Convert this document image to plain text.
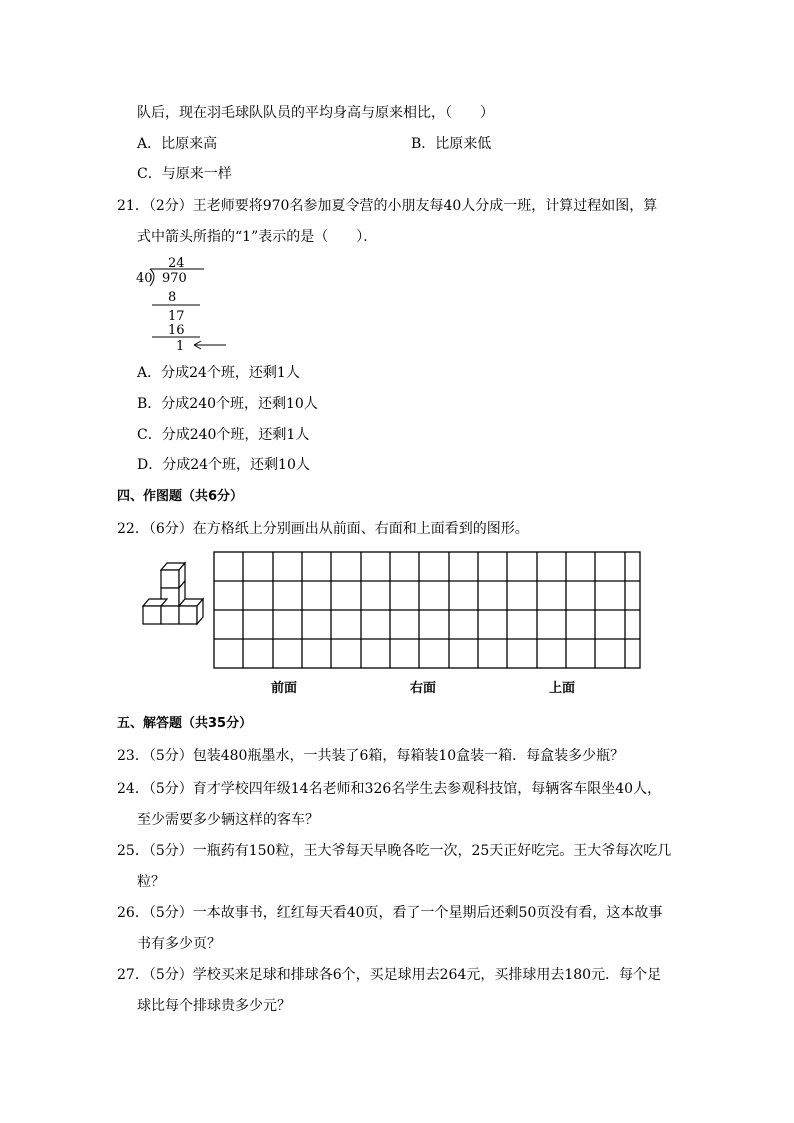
队后，现在羽毛球队队员的平均身高与原来相比，（　　）
A．比原来高	B．比原来低
C．与原来一样
21．（2分）王老师要将970名参加夏令营的小朋友每40人分成一班，计算过程如图，算
式中箭头所指的“1”表示的是（　　）．
24
40 970
8
17
16
1
A．分成24个班，还剩1人
B．分成240个班，还剩10人
C．分成240个班，还剩1人
D．分成24个班，还剩10人
四、作图题（共6分）
22．（6分）在方格纸上分别画出从前面、右面和上面看到的图形。
前面	右面	上面
五、解答题（共35分）
23．（5分）包装480瓶墨水，一共装了6箱，每箱装10盒装一箱．每盒装多少瓶？
24．（5分）育才学校四年级14名老师和326名学生去参观科技馆，每辆客车限坐40人，
至少需要多少辆这样的客车？
25．（5分）一瓶药有150粒，王大爷每天早晚各吃一次，25天正好吃完。王大爷每次吃几
粒？
26．（5分）一本故事书，红红每天看40页，看了一个星期后还剩50页没有看，这本故事
书有多少页？
27．（5分）学校买来足球和排球各6个，买足球用去264元，买排球用去180元．每个足
球比每个排球贵多少元？
